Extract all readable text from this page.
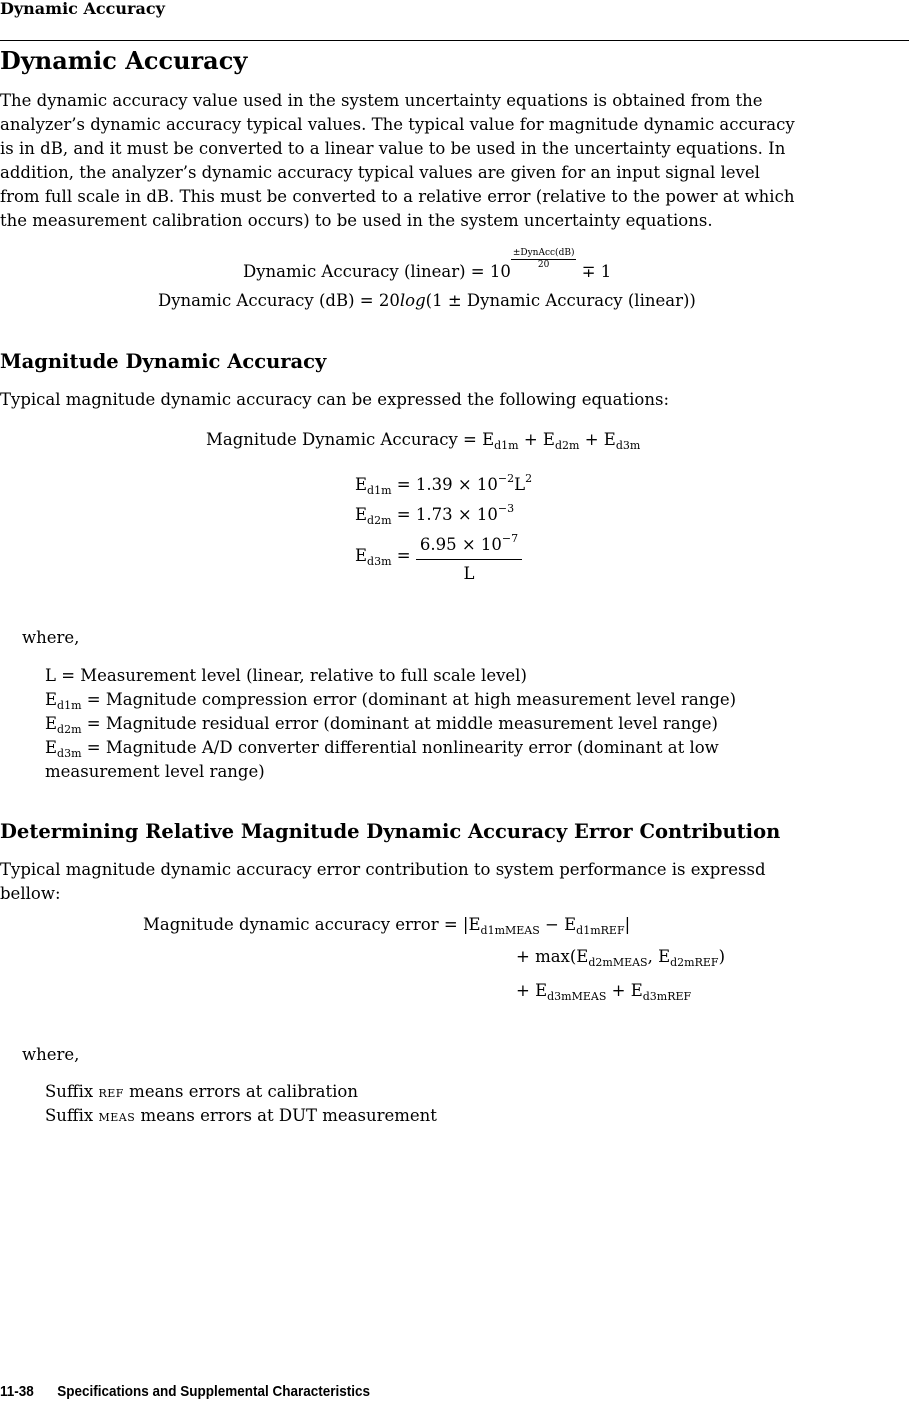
Dynamic Accuracy
Dynamic Accuracy
The dynamic accuracy value used in the system uncertainty equations is obtained from the
analyzer’s dynamic accuracy typical values. The typical value for magnitude dynamic accuracy
is in dB, and it must be converted to a linear value to be used in the uncertainty equations. In
addition, the analyzer’s dynamic accuracy typical values are given for an input signal level
from full scale in dB. This must be converted to a relative error (relative to the power at which
the measurement calibration occurs) to be used in the system uncertainty equations.
Dynamic Accuracy (linear) = 10
$\frac{\text{±DynAcc(dB)}}{20}$
∓ 1
Dynamic Accuracy (dB) = 20log(1 ± Dynamic Accuracy (linear))
Magnitude Dynamic Accuracy
Typical magnitude dynamic accuracy can be expressed the following equations:
Magnitude Dynamic Accuracy = $E_{d1m} + E_{d2m} + E_{d3m}$
$E_{d1m} = 1.39 \times 10^{-2}L^2$
$E_{d2m} = 1.73 \times 10^{-3}$
$E_{d3m} = \frac{6.95 \times 10^{-7}}{L}$
where,
L = Measurement level (linear, relative to full scale level)
$E_{d1m}$ = Magnitude compression error (dominant at high measurement level range)
$E_{d2m}$ = Magnitude residual error (dominant at middle measurement level range)
$E_{d3m}$ = Magnitude A/D converter differential nonlinearity error (dominant at low
measurement level range)
Determining Relative Magnitude Dynamic Accuracy Error Contribution
Typical magnitude dynamic accuracy error contribution to system performance is expressd
bellow:
Magnitude dynamic accuracy error = $|E_{d1mMEAS} - E_{d1mREF}|$
+ $\max(E_{d2mMEAS}$, $E_{d2mREF}$)
+ $E_{d3mMEAS} + E_{d3mREF}$
where,
Suffix REF means errors at calibration
Suffix MEAS means errors at DUT measurement
11-38 Specifications and Supplemental Characteristics
